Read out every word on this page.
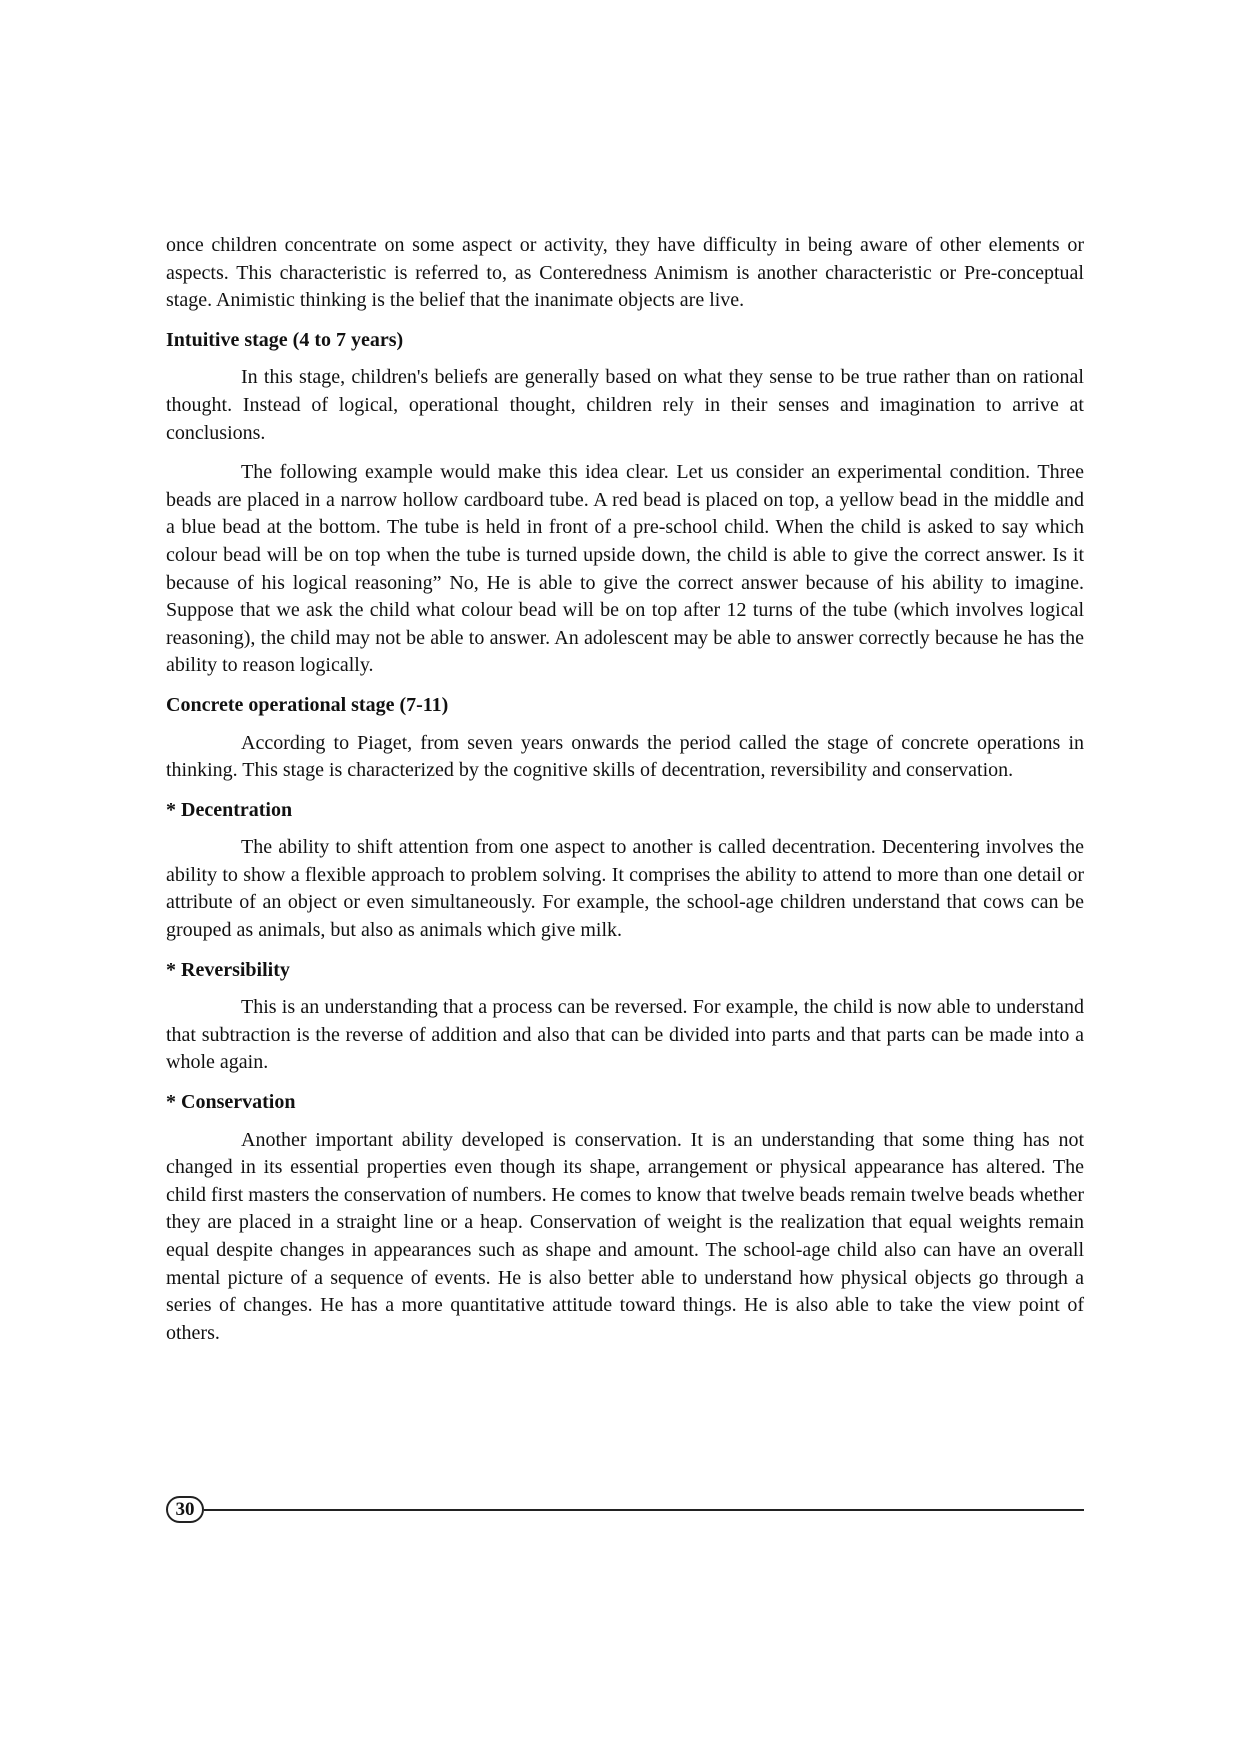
once children concentrate on some aspect or activity, they have difficulty in being aware of other elements or aspects. This characteristic is referred to, as Conteredness Animism is another characteristic or Pre-conceptual stage. Animistic thinking is the belief that the inanimate objects are live.

Intuitive stage (4 to 7 years)

In this stage, children's beliefs are generally based on what they sense to be true rather than on rational thought. Instead of logical, operational thought, children rely in their senses and imagination to arrive at conclusions.

The following example would make this idea clear. Let us consider an experimental condition. Three beads are placed in a narrow hollow cardboard tube. A red bead is placed on top, a yellow bead in the middle and a blue bead at the bottom. The tube is held in front of a pre-school child. When the child is asked to say which colour bead will be on top when the tube is turned upside down, the child is able to give the correct answer. Is it because of his logical reasoning” No, He is able to give the correct answer because of his ability to imagine. Suppose that we ask the child what colour bead will be on top after 12 turns of the tube (which involves logical reasoning), the child may not be able to answer. An adolescent may be able to answer correctly because he has the ability to reason logically.

Concrete operational stage (7-11)

According to Piaget, from seven years onwards the period called the stage of concrete operations in thinking. This stage is characterized by the cognitive skills of decentration, reversibility and conservation.

* Decentration

The ability to shift attention from one aspect to another is called decentration. Decentering involves the ability to show a flexible approach to problem solving. It comprises the ability to attend to more than one detail or attribute of an object or even simultaneously. For example, the school-age children understand that cows can be grouped as animals, but also as animals which give milk.

* Reversibility

This is an understanding that a process can be reversed. For example, the child is now able to understand that subtraction is the reverse of addition and also that can be divided into parts and that parts can be made into a whole again.

* Conservation

Another important ability developed is conservation. It is an understanding that some thing has not changed in its essential properties even though its shape, arrangement or physical appearance has altered. The child first masters the conservation of numbers. He comes to know that twelve beads remain twelve beads whether they are placed in a straight line or a heap. Conservation of weight is the realization that equal weights remain equal despite changes in appearances such as shape and amount. The school-age child also can have an overall mental picture of a sequence of events. He is also better able to understand how physical objects go through a series of changes. He has a more quantitative attitude toward things. He is also able to take the view point of others.

30
